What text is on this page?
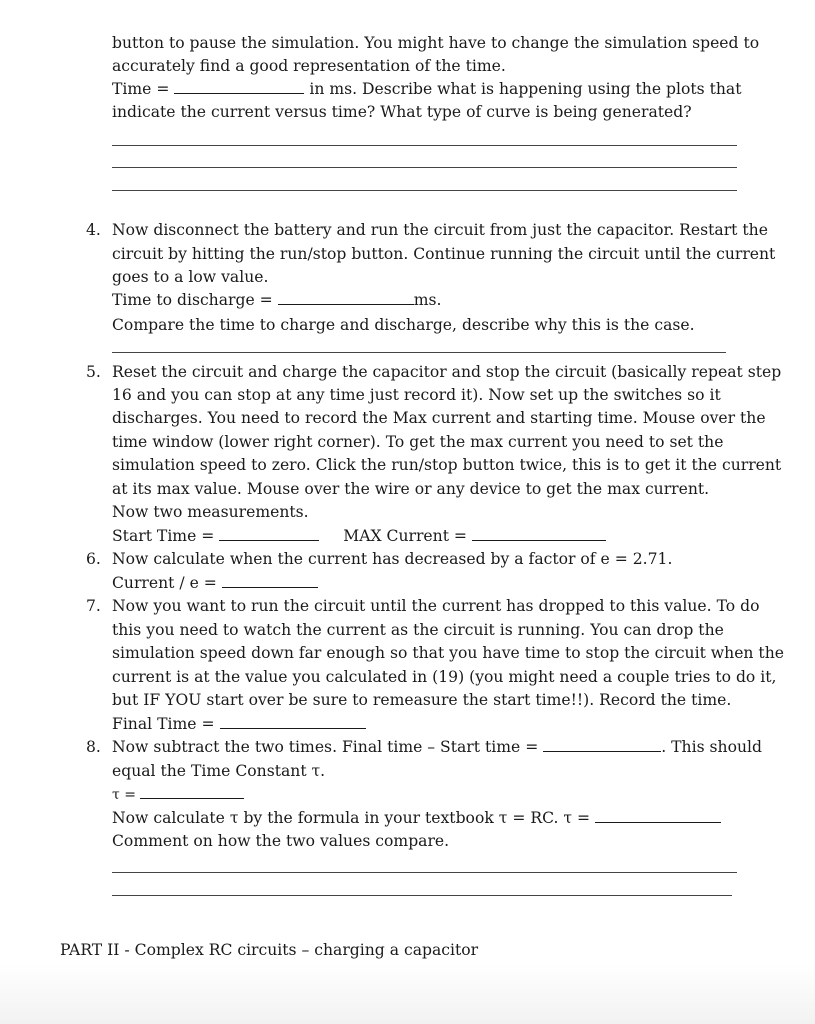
button to pause the simulation. You might have to change the simulation speed to
accurately find a good representation of the time.
Time =	in ms. Describe what is happening using the plots that
indicate the current versus time? What type of curve is being generated?
4. Now disconnect the battery and run the circuit from just the capacitor. Restart the
circuit by hitting the run/stop button. Continue running the circuit until the current
goes to a low value.
Time to discharge =	ms.
Compare the time to charge and discharge, describe why this is the case.
5. Reset the circuit and charge the capacitor and stop the circuit (basically repeat step
16 and you can stop at any time just record it). Now set up the switches so it
discharges. You need to record the Max current and starting time. Mouse over the
time window (lower right corner). To get the max current you need to set the
simulation speed to zero. Click the run/stop button twice, this is to get it the current
at its max value. Mouse over the wire or any device to get the max current.
Now two measurements.
Start Time =	MAX Current =
6. Now calculate when the current has decreased by a factor of e = 2.71.
Current / e =
7. Now you want to run the circuit until the current has dropped to this value. To do
this you need to watch the current as the circuit is running. You can drop the
simulation speed down far enough so that you have time to stop the circuit when the
current is at the value you calculated in (19) (you might need a couple tries to do it,
but IF YOU start over be sure to remeasure the start time!!). Record the time.
Final Time =
8. Now subtract the two times. Final time – Start time =	. This should
equal the Time Constant τ.
τ =
Now calculate τ by the formula in your textbook τ = RC. τ =
Comment on how the two values compare.
PART II - Complex RC circuits – charging a capacitor
